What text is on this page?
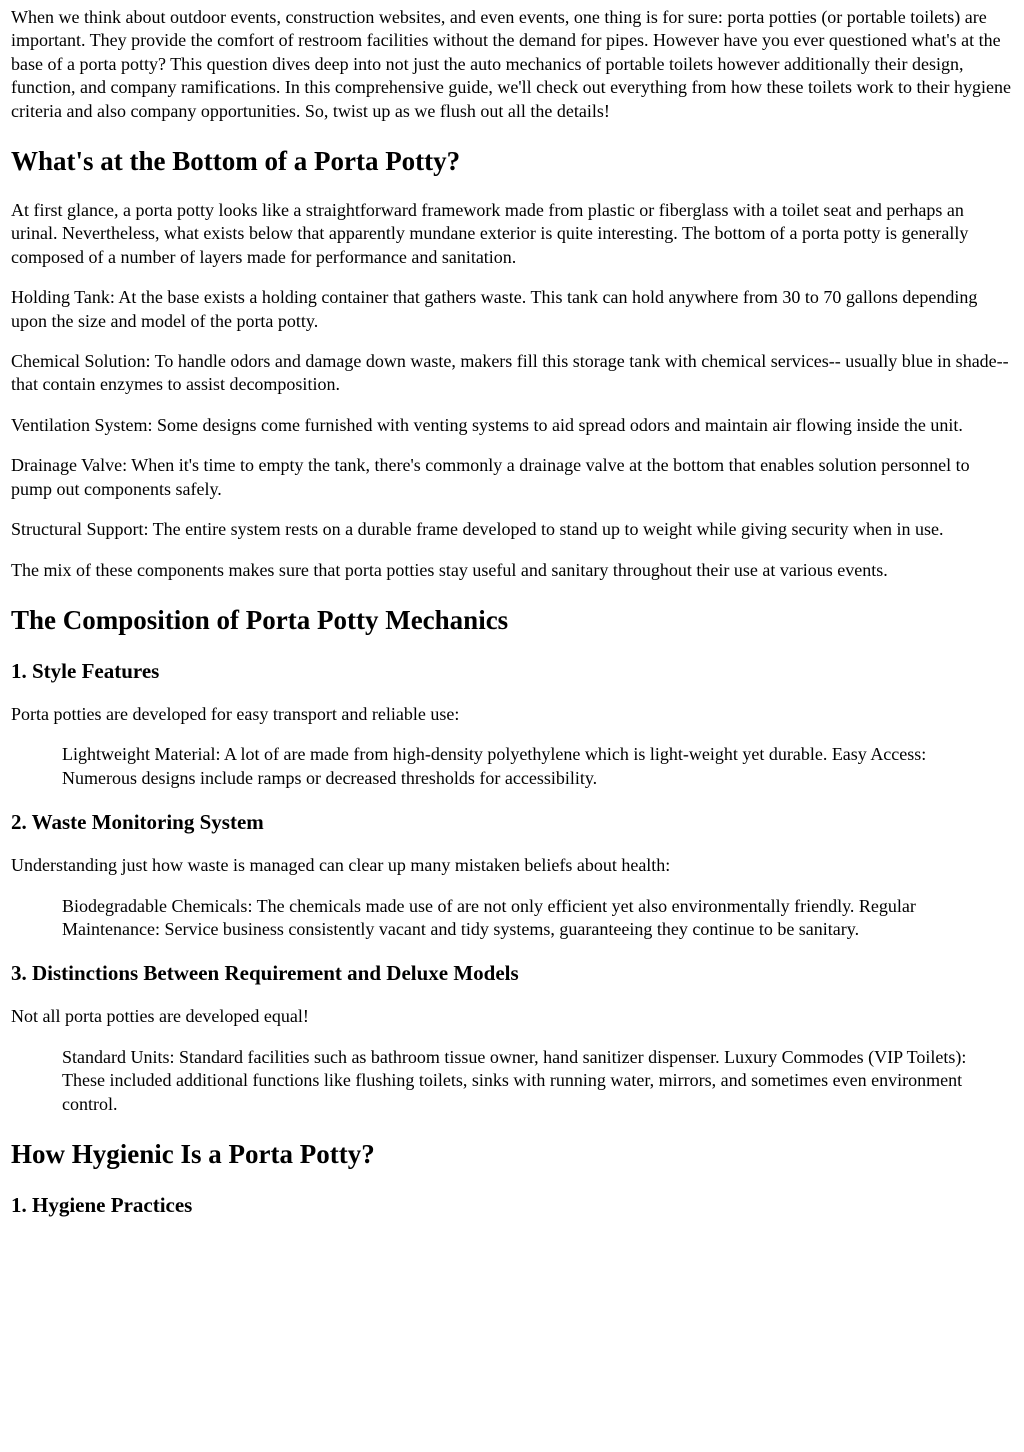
When we think about outdoor events, construction websites, and even events, one thing is for sure: porta potties (or portable toilets) are important. They provide the comfort of restroom facilities without the demand for pipes. However have you ever questioned what's at the base of a porta potty? This question dives deep into not just the auto mechanics of portable toilets however additionally their design, function, and company ramifications. In this comprehensive guide, we'll check out everything from how these toilets work to their hygiene criteria and also company opportunities. So, twist up as we flush out all the details!

What's at the Bottom of a Porta Potty?

At first glance, a porta potty looks like a straightforward framework made from plastic or fiberglass with a toilet seat and perhaps an urinal. Nevertheless, what exists below that apparently mundane exterior is quite interesting. The bottom of a porta potty is generally composed of a number of layers made for performance and sanitation.

Holding Tank: At the base exists a holding container that gathers waste. This tank can hold anywhere from 30 to 70 gallons depending upon the size and model of the porta potty.

Chemical Solution: To handle odors and damage down waste, makers fill this storage tank with chemical services-- usually blue in shade-- that contain enzymes to assist decomposition.

Ventilation System: Some designs come furnished with venting systems to aid spread odors and maintain air flowing inside the unit.

Drainage Valve: When it's time to empty the tank, there's commonly a drainage valve at the bottom that enables solution personnel to pump out components safely.

Structural Support: The entire system rests on a durable frame developed to stand up to weight while giving security when in use.

The mix of these components makes sure that porta potties stay useful and sanitary throughout their use at various events.

The Composition of Porta Potty Mechanics
1. Style Features

Porta potties are developed for easy transport and reliable use:

Lightweight Material: A lot of are made from high-density polyethylene which is light-weight yet durable. Easy Access: Numerous designs include ramps or decreased thresholds for accessibility.
2. Waste Monitoring System

Understanding just how waste is managed can clear up many mistaken beliefs about health:

Biodegradable Chemicals: The chemicals made use of are not only efficient yet also environmentally friendly. Regular Maintenance: Service business consistently vacant and tidy systems, guaranteeing they continue to be sanitary.
3. Distinctions Between Requirement and Deluxe Models

Not all porta potties are developed equal!

Standard Units: Standard facilities such as bathroom tissue owner, hand sanitizer dispenser. Luxury Commodes (VIP Toilets): These included additional functions like flushing toilets, sinks with running water, mirrors, and sometimes even environment control.
How Hygienic Is a Porta Potty?
1. Hygiene Practices
